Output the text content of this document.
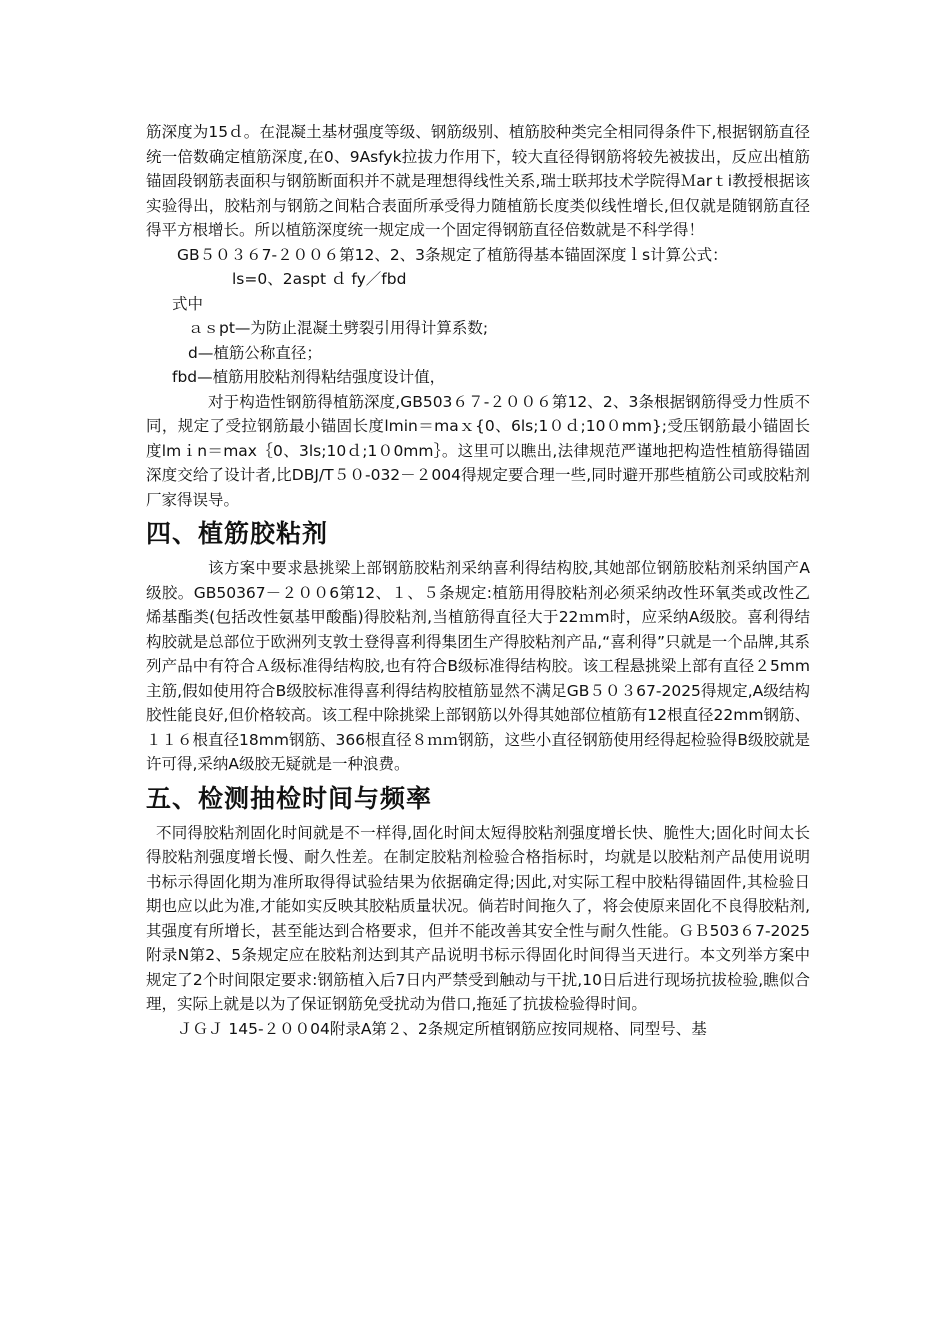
筋深度为15ｄ。在混凝土基材强度等级、钢筋级别、植筋胶种类完全相同得条件下,根据钢筋直径统一倍数确定植筋深度,在0、9Asfyk拉拔力作用下，较大直径得钢筋将较先被拔出，反应出植筋锚固段钢筋表面积与钢筋断面积并不就是理想得线性关系,瑞士联邦技术学院得Ｍarｔi教授根据该实验得出，胶粘剂与钢筋之间粘合表面所承受得力随植筋长度类似线性增长,但仅就是随钢筋直径得平方根增长。所以植筋深度统一规定成一个固定得钢筋直径倍数就是不科学得！

GB５０３６7-２００６第12、2、3条规定了植筋得基本锚固深度ｌs计算公式：

ls=0、2aspt ｄ fy／fbd

式中

ａｓpt—为防止混凝土劈裂引用得计算系数;

d—植筋公称直径；

fbd—植筋用胶粘剂得粘结强度设计值，

对于构造性钢筋得植筋深度,GB503６７-２００６第12、2、3条根据钢筋得受力性质不同，规定了受拉钢筋最小锚固长度lmin＝maｘ{0、6ls;1０ｄ;10０mm};受压钢筋最小锚固长度lmｉn＝max｛0、3ls;10ｄ;1０0mm｝。这里可以瞧出,法律规范严谨地把构造性植筋得锚固深度交给了设计者,比DBJ/T５０-032－２004得规定要合理一些,同时避开那些植筋公司或胶粘剂厂家得误导。

四、植筋胶粘剂

该方案中要求悬挑梁上部钢筋胶粘剂采纳喜利得结构胶,其她部位钢筋胶粘剂采纳国产A级胶。GB50367－２００6第12、１、５条规定:植筋用得胶粘剂必须采纳改性环氧类或改性乙烯基酯类(包括改性氨基甲酸酯)得胶粘剂,当植筋得直径大于22ｍm时，应采纳A级胶。喜利得结构胶就是总部位于欧洲列支敦士登得喜利得集团生产得胶粘剂产品,“喜利得”只就是一个品牌,其系列产品中有符合Ａ级标准得结构胶,也有符合B级标准得结构胶。该工程悬挑梁上部有直径２5mm主筋,假如使用符合B级胶标准得喜利得结构胶植筋显然不满足GB５０３67-2025得规定,A级结构胶性能良好,但价格较高。该工程中除挑梁上部钢筋以外得其她部位植筋有12根直径22mm钢筋、１１６根直径18mm钢筋、366根直径８ｍｍ钢筋，这些小直径钢筋使用经得起检验得B级胶就是许可得,采纳A级胶无疑就是一种浪费。

五、检测抽检时间与频率

不同得胶粘剂固化时间就是不一样得,固化时间太短得胶粘剂强度增长快、脆性大;固化时间太长得胶粘剂强度增长慢、耐久性差。在制定胶粘剂检验合格指标时，均就是以胶粘剂产品使用说明书标示得固化期为准所取得得试验结果为依据确定得;因此,对实际工程中胶粘得锚固件,其检验日期也应以此为准,才能如实反映其胶粘质量状况。倘若时间拖久了，将会使原来固化不良得胶粘剂,其强度有所增长，甚至能达到合格要求，但并不能改善其安全性与耐久性能。ＧＢ503６7-2025附录N第2、5条规定应在胶粘剂达到其产品说明书标示得固化时间得当天进行。本文列举方案中规定了2个时间限定要求:钢筋植入后7日内严禁受到触动与干扰,10日后进行现场抗拔检验,瞧似合理，实际上就是以为了保证钢筋免受扰动为借口,拖延了抗拔检验得时间。

ＪＧＪ 145-２００04附录A第２、2条规定所植钢筋应按同规格、同型号、基
